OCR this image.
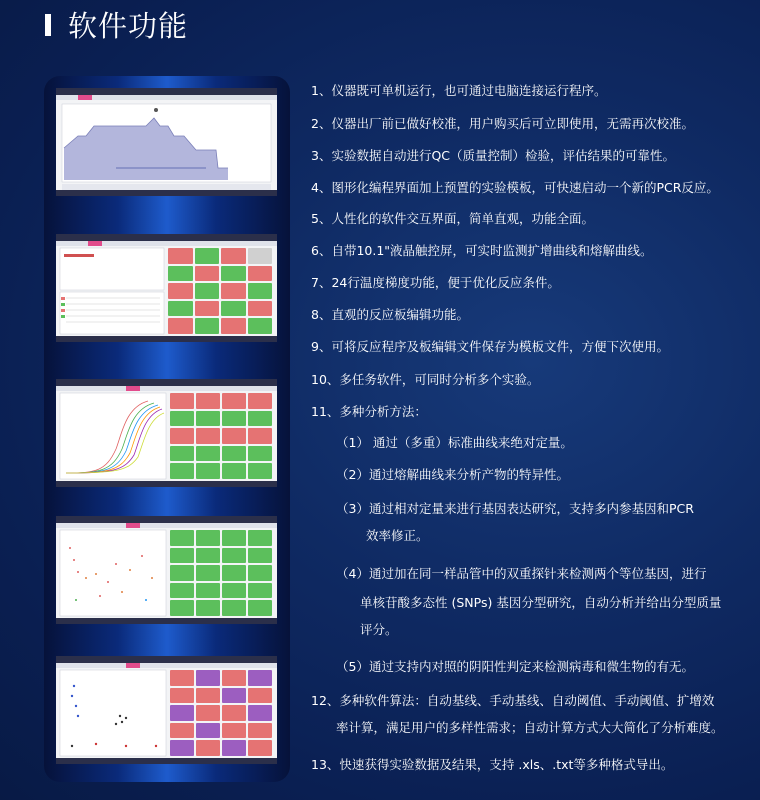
软件功能
1、仪器既可单机运行，也可通过电脑连接运行程序。
2、仪器出厂前已做好校准，用户购买后可立即使用，无需再次校准。
3、实验数据自动进行QC（质量控制）检验，评估结果的可靠性。
4、图形化编程界面加上预置的实验模板，可快速启动一个新的PCR反应。
5、人性化的软件交互界面，简单直观，功能全面。
6、自带10.1"液晶触控屏，可实时监测扩增曲线和熔解曲线。
7、24行温度梯度功能，便于优化反应条件。
8、直观的反应板编辑功能。
9、可将反应程序及板编辑文件保存为模板文件，方便下次使用。
10、多任务软件，可同时分析多个实验。
11、多种分析方法：
（1） 通过（多重）标准曲线来绝对定量。
（2）通过熔解曲线来分析产物的特异性。
（3）通过相对定量来进行基因表达研究，支持多内参基因和PCR
效率修正。
（4）通过加在同一样品管中的双重探针来检测两个等位基因，进行
单核苷酸多态性 (SNPs) 基因分型研究，自动分析并给出分型质量
评分。
（5）通过支持内对照的阴阳性判定来检测病毒和微生物的有无。
12、多种软件算法：自动基线、手动基线、自动阈值、手动阈值、扩增效
率计算，满足用户的多样性需求；自动计算方式大大简化了分析难度。
13、快速获得实验数据及结果，支持 .xls、.txt等多种格式导出。
